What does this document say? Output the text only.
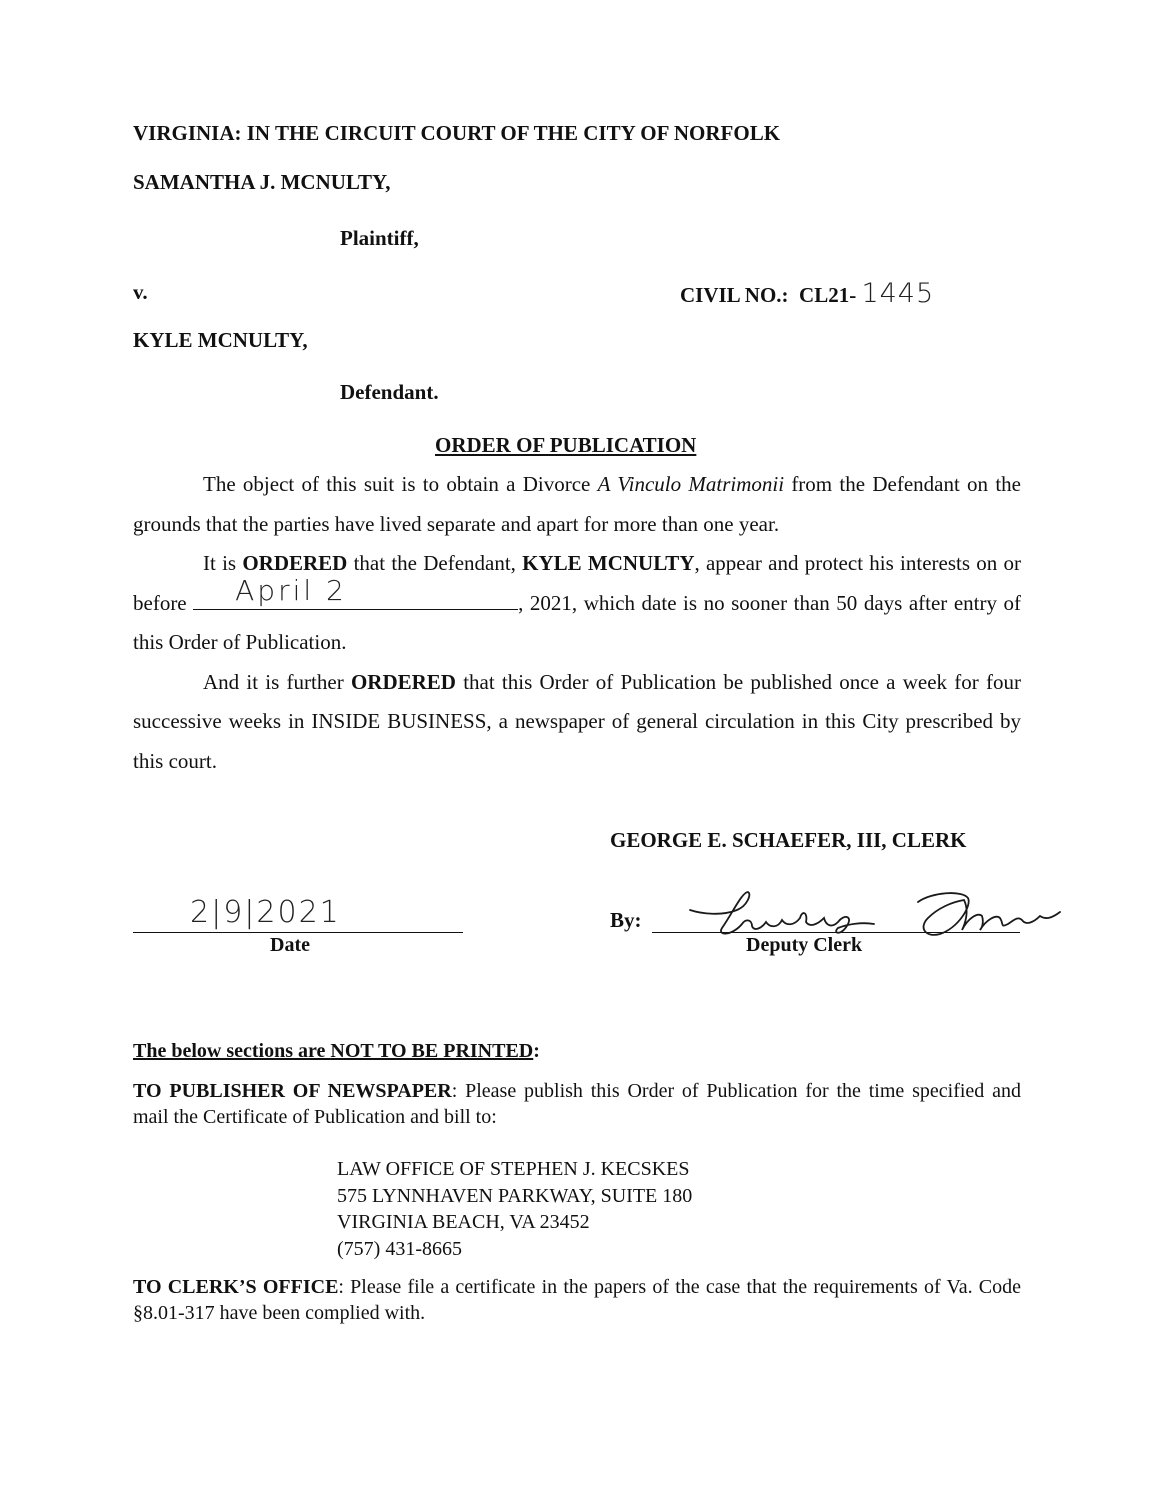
VIRGINIA: IN THE CIRCUIT COURT OF THE CITY OF NORFOLK
SAMANTHA J. MCNULTY,
Plaintiff,
v.	CIVIL NO.: CL21- 1445
KYLE MCNULTY,
Defendant.
ORDER OF PUBLICATION

The object of this suit is to obtain a Divorce A Vinculo Matrimonii from the Defendant on the grounds that the parties have lived separate and apart for more than one year.

It is ORDERED that the Defendant, KYLE MCNULTY, appear and protect his interests on or before April 2	, 2021, which date is no sooner than 50 days after entry of this Order of Publication.

And it is further ORDERED that this Order of Publication be published once a week for four successive weeks in INSIDE BUSINESS, a newspaper of general circulation in this City prescribed by this court.

GEORGE E. SCHAEFER, III, CLERK
2|9|2021
Date
By:
Deputy Clerk
The below sections are NOT TO BE PRINTED:
TO PUBLISHER OF NEWSPAPER: Please publish this Order of Publication for the time specified and mail the Certificate of Publication and bill to:
LAW OFFICE OF STEPHEN J. KECSKES
575 LYNNHAVEN PARKWAY, SUITE 180
VIRGINIA BEACH, VA 23452
(757) 431-8665
TO CLERK’S OFFICE: Please file a certificate in the papers of the case that the requirements of Va. Code §8.01-317 have been complied with.
